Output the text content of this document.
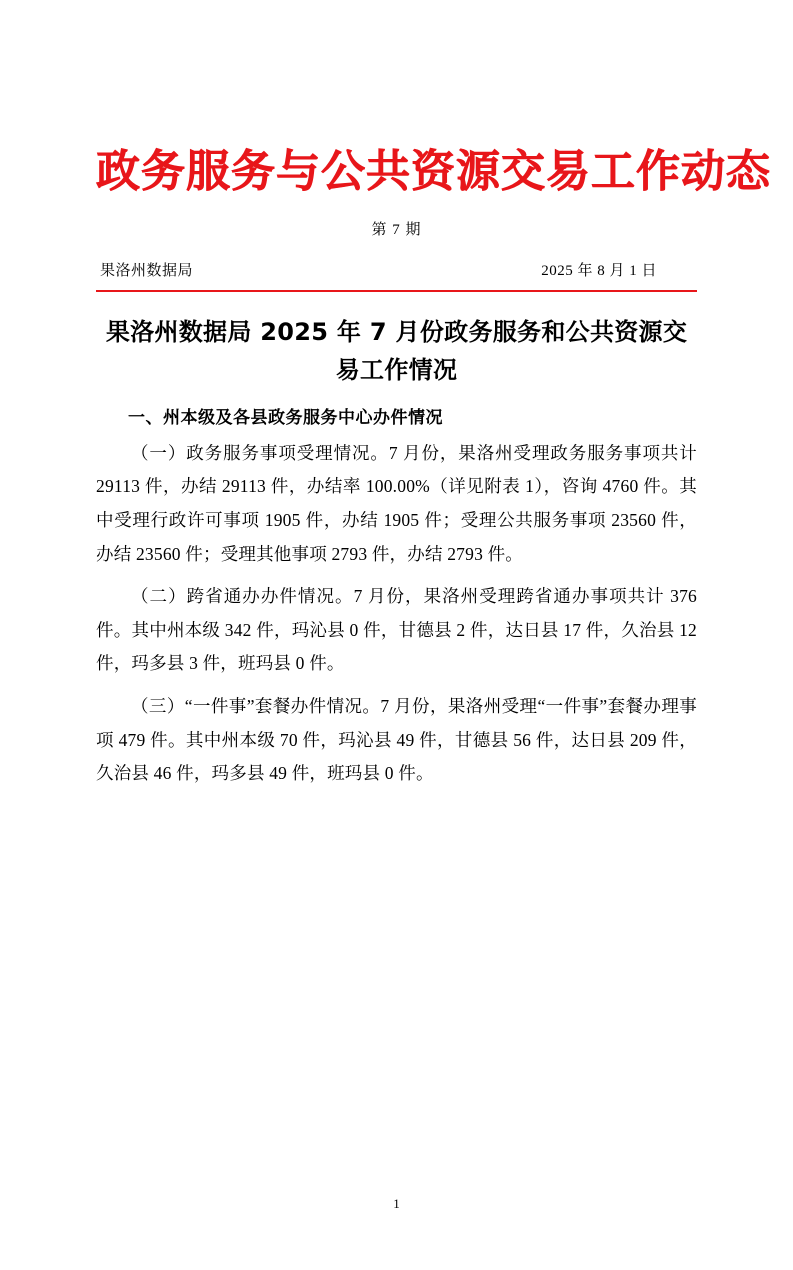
政务服务与公共资源交易工作动态
第 7 期
果洛州数据局	2025 年 8 月 1 日
果洛州数据局 2025 年 7 月份政务服务和公共资源交易工作情况
一、州本级及各县政务服务中心办件情况

（一）政务服务事项受理情况。7 月份，果洛州受理政务服务事项共计 29113 件，办结 29113 件，办结率 100.00%（详见附表 1），咨询 4760 件。其中受理行政许可事项 1905 件，办结 1905 件；受理公共服务事项 23560 件，办结 23560 件；受理其他事项 2793 件，办结 2793 件。

（二）跨省通办办件情况。7 月份，果洛州受理跨省通办事项共计 376 件。其中州本级 342 件，玛沁县 0 件，甘德县 2 件，达日县 17 件，久治县 12 件，玛多县 3 件，班玛县 0 件。

（三）“一件事”套餐办件情况。7 月份，果洛州受理“一件事”套餐办理事项 479 件。其中州本级 70 件，玛沁县 49 件，甘德县 56 件，达日县 209 件，久治县 46 件，玛多县 49 件，班玛县 0 件。

1
